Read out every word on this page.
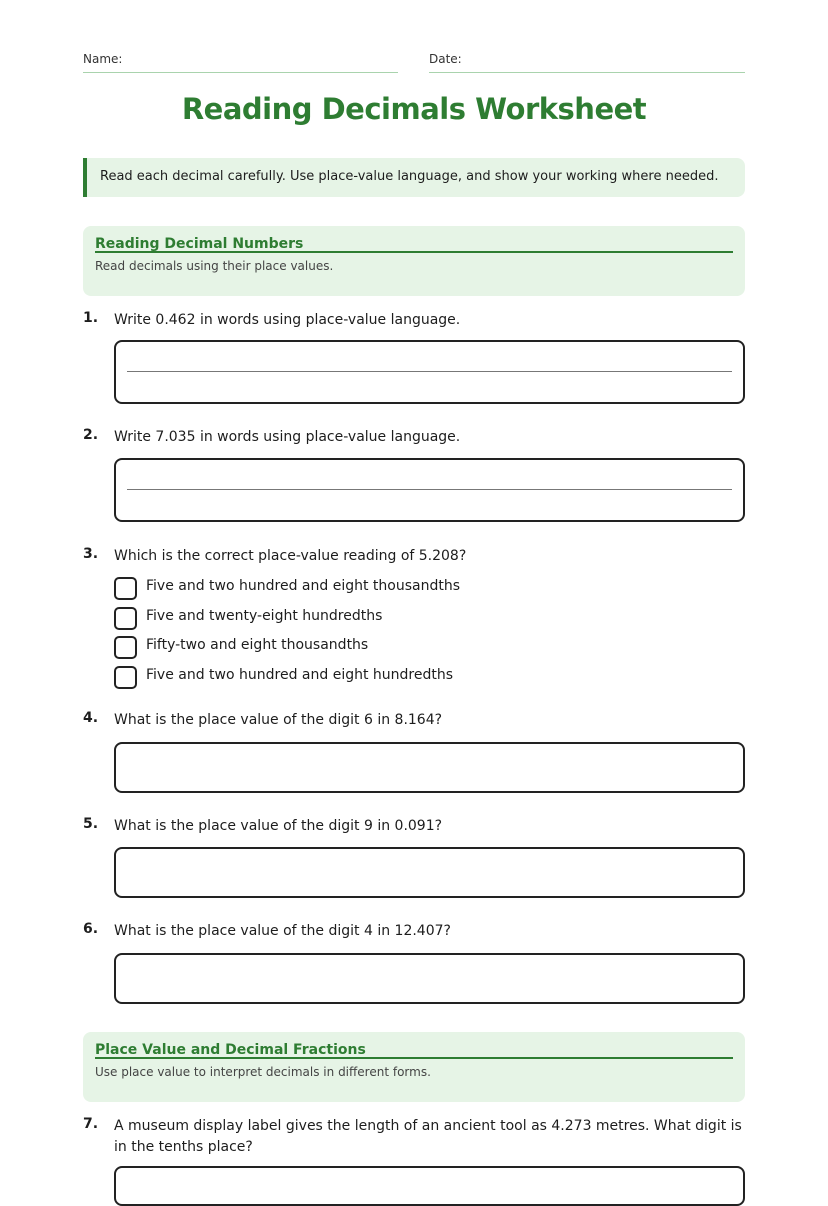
Name:	Date:
Reading Decimals Worksheet
Read each decimal carefully. Use place-value language, and show your working where needed.
Reading Decimal Numbers
Read decimals using their place values.
1. Write 0.462 in words using place-value language.
2. Write 7.035 in words using place-value language.
3. Which is the correct place-value reading of 5.208?
Five and two hundred and eight thousandths
Five and twenty-eight hundredths
Fifty-two and eight thousandths
Five and two hundred and eight hundredths
4. What is the place value of the digit 6 in 8.164?
5. What is the place value of the digit 9 in 0.091?
6. What is the place value of the digit 4 in 12.407?
Place Value and Decimal Fractions
Use place value to interpret decimals in different forms.
7. A museum display label gives the length of an ancient tool as 4.273 metres. What digit is in the tenths place?
